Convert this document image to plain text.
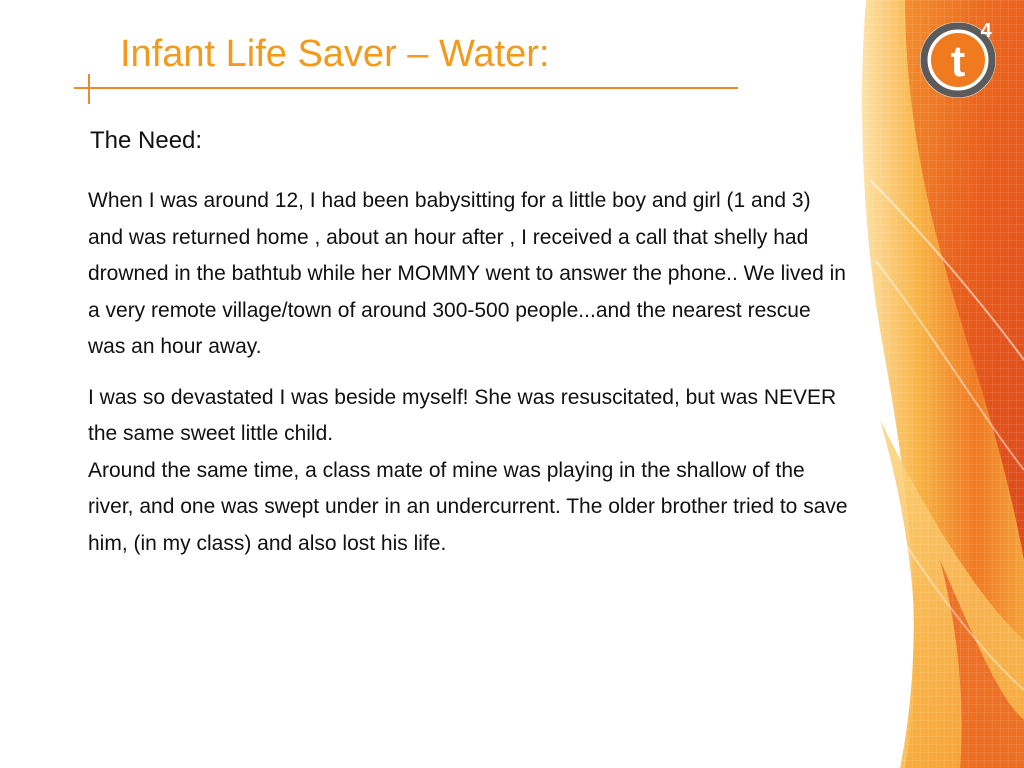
t
4
Infant Life Saver – Water:
The Need:

When I was around 12, I had been babysitting for a little boy and girl (1 and 3) and was returned home , about an hour after , I received a call that shelly had drowned in the bathtub while her MOMMY went to answer the phone.. We lived in a very remote village/town of around 300-500 people...and the nearest rescue was an hour away.

I was so devastated I was beside myself! She was resuscitated, but was NEVER the same sweet little child.

Around the same time, a class mate of mine was playing in the shallow of the river, and one was swept under in an undercurrent. The older brother tried to save him, (in my class) and also lost his life.
